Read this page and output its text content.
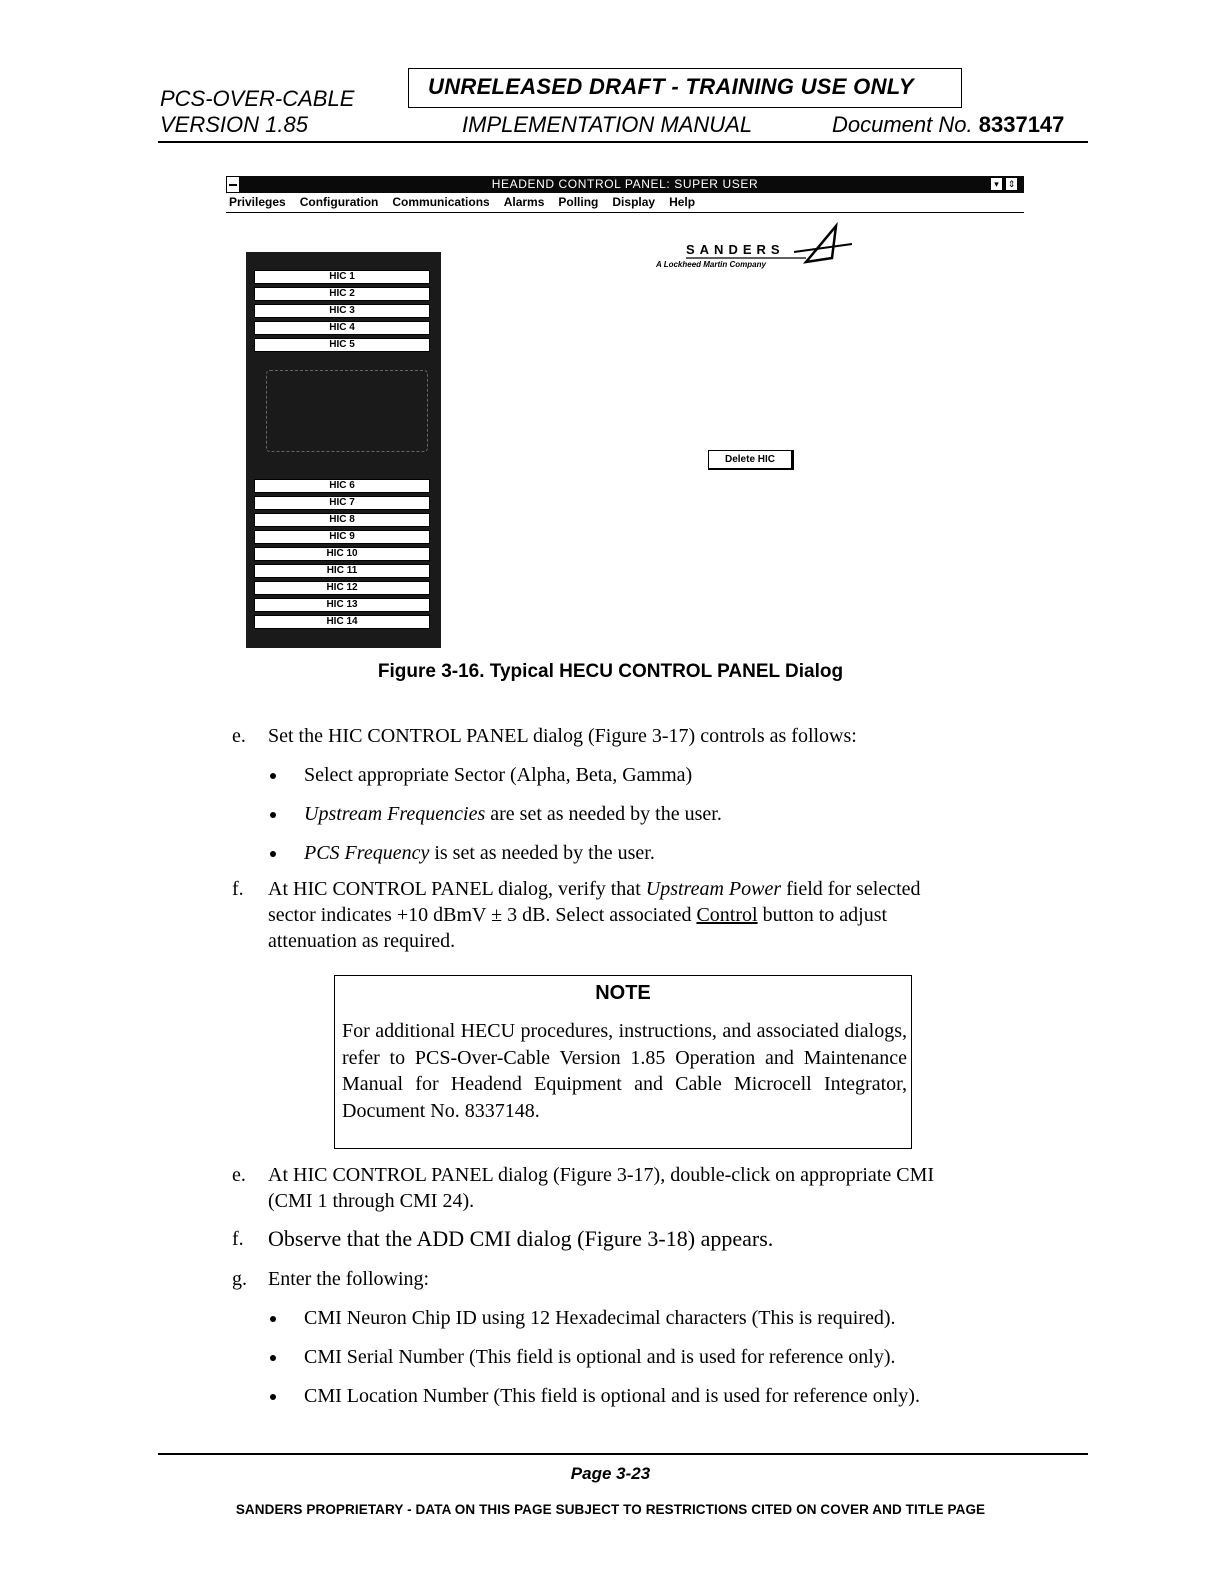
PCS-OVER-CABLE
VERSION 1.85
UNRELEASED DRAFT - TRAINING USE ONLY
IMPLEMENTATION MANUAL	Document No. 8337147
HEADEND CONTROL PANEL: SUPER USER	▾ ⇕
Privileges Configuration Communications Alarms Polling Display Help
SANDERS
A Lockheed Martin Company
HIC 1
HIC 2
HIC 3
HIC 4
HIC 5
HIC 6
HIC 7
HIC 8
HIC 9
HIC 10
HIC 11
HIC 12
HIC 13
HIC 14
Delete HIC
Figure 3-16. Typical HECU CONTROL PANEL Dialog
e. Set the HIC CONTROL PANEL dialog (Figure 3-17) controls as follows:
Select appropriate Sector (Alpha, Beta, Gamma)
Upstream Frequencies are set as needed by the user.
PCS Frequency is set as needed by the user.
f. At HIC CONTROL PANEL dialog, verify that Upstream Power field for selected
sector indicates +10 dBmV ± 3 dB. Select associated Control button to adjust
attenuation as required.
NOTE
For additional HECU procedures, instructions, and associated dialogs, refer to PCS-Over-Cable Version 1.85 Operation and Maintenance Manual for Headend Equipment and Cable Microcell Integrator, Document No. 8337148.
e. At HIC CONTROL PANEL dialog (Figure 3-17), double-click on appropriate CMI
(CMI 1 through CMI 24).
f. Observe that the ADD CMI dialog (Figure 3-18) appears.
g. Enter the following:
CMI Neuron Chip ID using 12 Hexadecimal characters (This is required).
CMI Serial Number (This field is optional and is used for reference only).
CMI Location Number (This field is optional and is used for reference only).
Page 3-23
SANDERS PROPRIETARY - DATA ON THIS PAGE SUBJECT TO RESTRICTIONS CITED ON COVER AND TITLE PAGE
